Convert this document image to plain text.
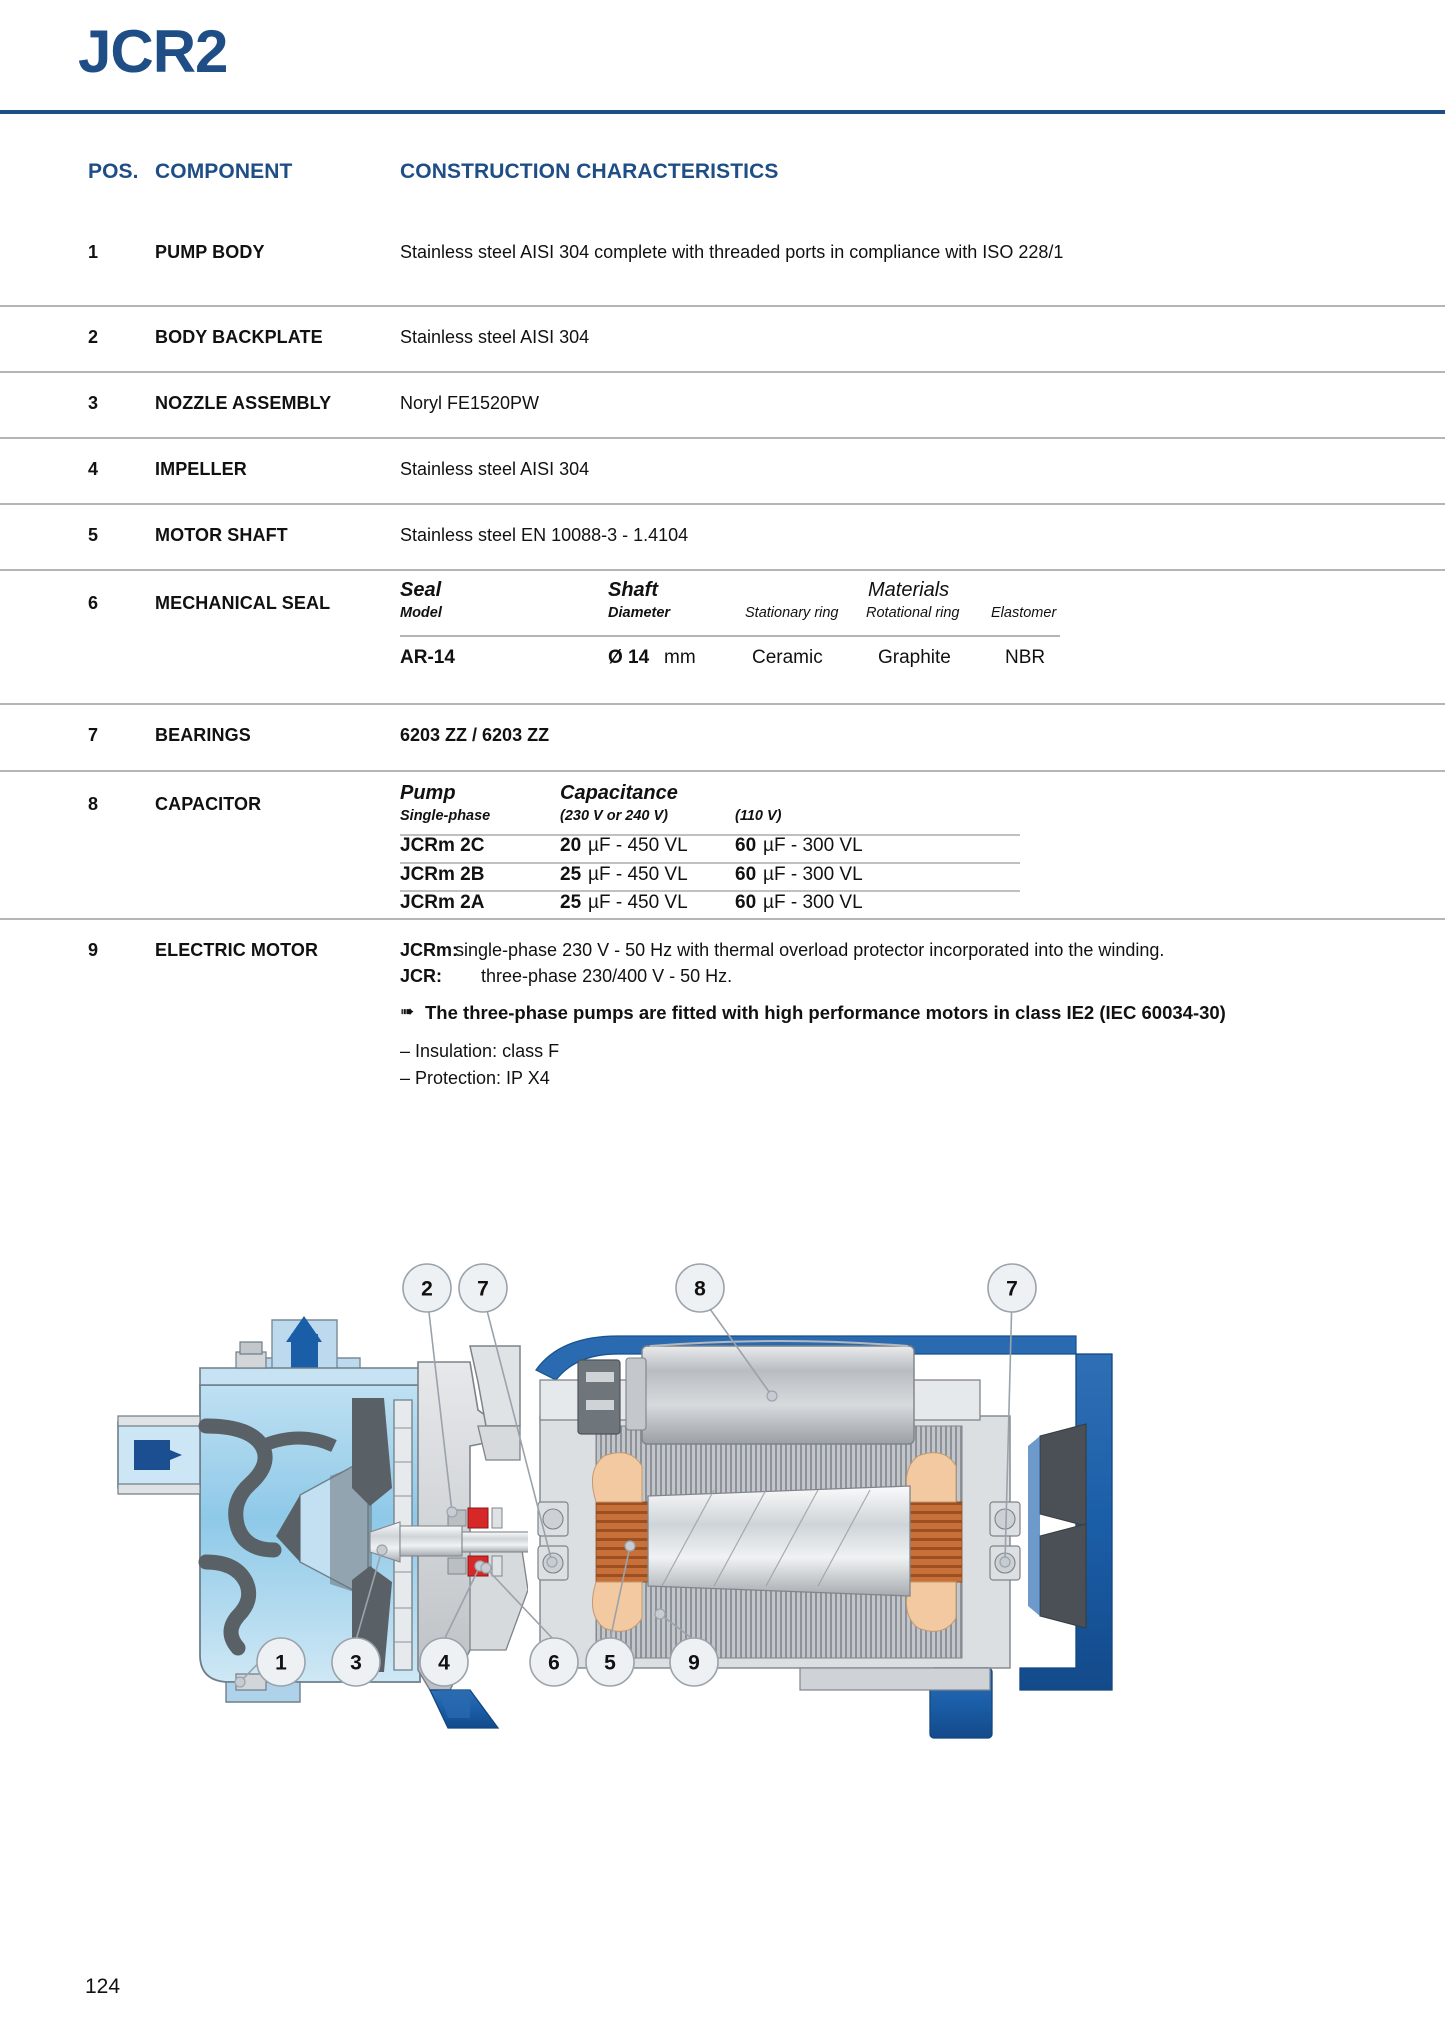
JCR2
POS. COMPONENT	CONSTRUCTION CHARACTERISTICS
1	PUMP BODY	Stainless steel AISI 304 complete with threaded ports in compliance with ISO 228/1
2	BODY BACKPLATE	Stainless steel AISI 304
3	NOZZLE ASSEMBLY	Noryl FE1520PW
4	IMPELLER	Stainless steel AISI 304
5	MOTOR SHAFT	Stainless steel EN 10088-3 - 1.4104
6	MECHANICAL SEAL
Seal
Model
Shaft
Diameter
Materials
Stationary ring Rotational ring Elastomer
AR-14	Ø 14 mm	Ceramic	Graphite	NBR
7	BEARINGS	6203 ZZ / 6203 ZZ
8	CAPACITOR	Pump
Single-phase
Capacitance
(230 V or 240 V)	(110 V)
JCRm 2C	20 µF - 450 VL 60 µF - 300 VL
JCRm 2B	25 µF - 450 VL 60 µF - 300 VL
JCRm 2A	25 µF - 450 VL 60 µF - 300 VL
9	ELECTRIC MOTOR	JCRm:
single-phase 230 V - 50 Hz with thermal overload protector incorporated into the winding.
JCR: three-phase 230/400 V - 50 Hz.
➠ The three-phase pumps are fitted with high performance motors in class IE2 (IEC 60034-30)
– Insulation: class F
– Protection: IP X4
2 7	8	7
1	3	4	6 5	9
124
